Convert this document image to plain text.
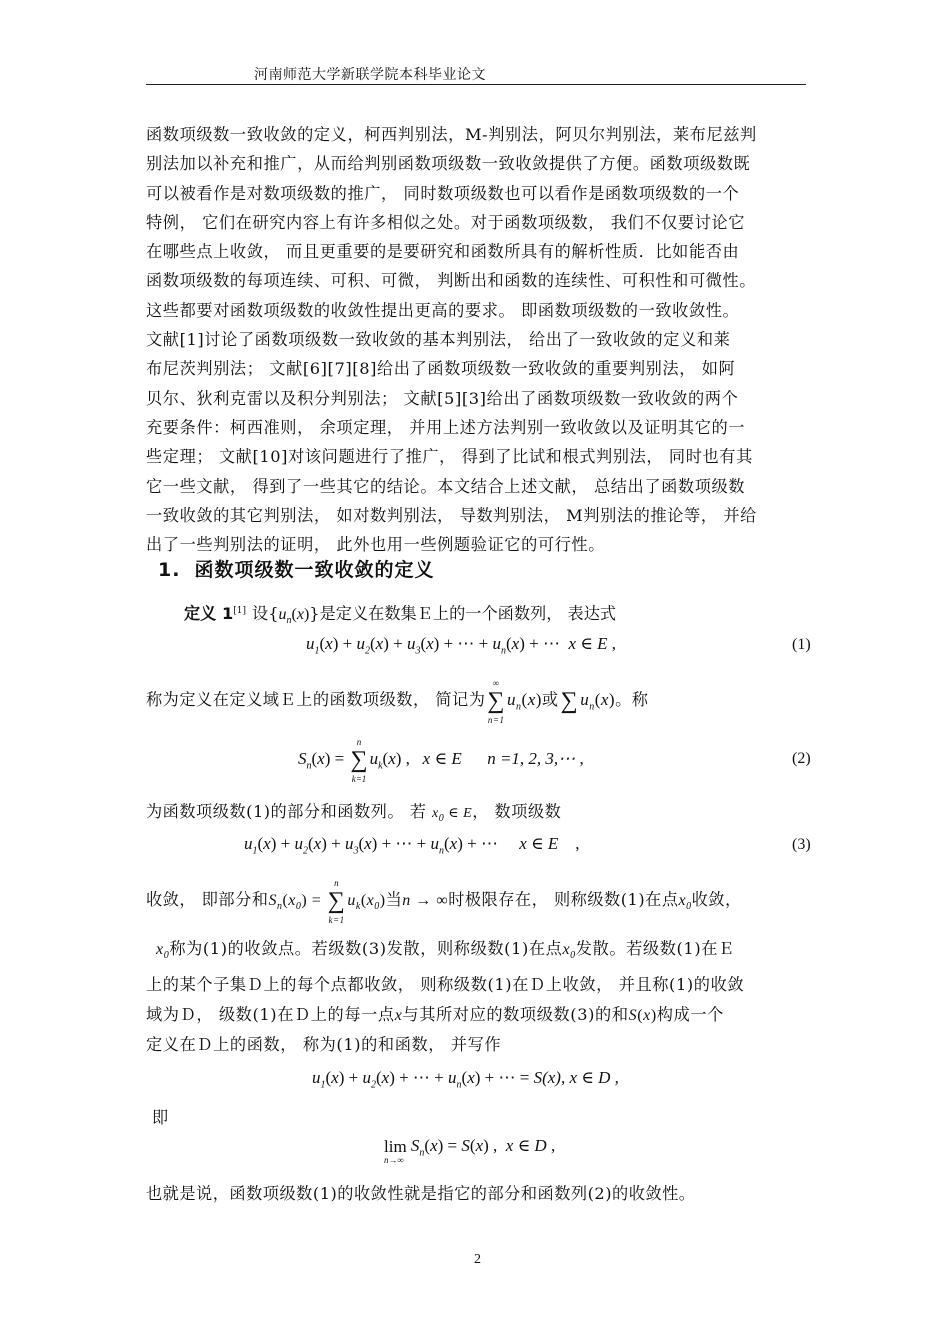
河南师范大学新联学院本科毕业论文

函数项级数一致收敛的定义，柯西判别法，M-判别法，阿贝尔判别法，莱布尼兹判

别法加以补充和推广，从而给判别函数项级数一致收敛提供了方便。函数项级数既

可以被看作是对数项级数的推广， 同时数项级数也可以看作是函数项级数的一个

特例， 它们在研究内容上有许多相似之处。对于函数项级数， 我们不仅要讨论它

在哪些点上收敛， 而且更重要的是要研究和函数所具有的解析性质．比如能否由

函数项级数的每项连续、可积、可微， 判断出和函数的连续性、可积性和可微性。

这些都要对函数项级数的收敛性提出更高的要求。 即函数项级数的一致收敛性。

文献[1]讨论了函数项级数一致收敛的基本判别法， 给出了一致收敛的定义和莱

布尼茨判别法； 文献[6][7][8]给出了函数项级数一致收敛的重要判别法， 如阿

贝尔、狄利克雷以及积分判别法； 文献[5][3]给出了函数项级数一致收敛的两个

充要条件：柯西准则， 余项定理， 并用上述方法判别一致收敛以及证明其它的一

些定理； 文献[10]对该问题进行了推广， 得到了比试和根式判别法， 同时也有其

它一些文献， 得到了一些其它的结论。本文结合上述文献， 总结出了函数项级数

一致收敛的其它判别法， 如对数判别法， 导数判别法， M判别法的推论等， 并给

出了一些判别法的证明， 此外也用一些例题验证它的可行性。

1. 函数项级数一致收敛的定义
定义 1[1] 设$\{u_n(x)\}$是定义在数集Ｅ上的一个函数列， 表达式
$u_1(x) + u_2(x) + u_3(x)$ + ⋯ + $u_n(x)$ + ⋯  x ∈ E ,	(1)
称为定义在定义域Ｅ上的函数项级数， 简记为
∞
∑
n=1
$u_n(x)$或∑ $u_n(x)$。称
$S_n(x)$ =
n
∑
k=1
$u_k(x)$ ,   x ∈ E      n =1, 2, 3,⋯ ,	(2)
为函数项级数(1)的部分和函数列。 若 $x_0$ ∈ E， 数项级数
$u_1(x) + u_2(x) + u_3(x)$ + ⋯ + $u_n(x)$ + ⋯     x ∈ E    ,	(3)
收敛， 即部分和$S_n(x_0)$ =
n
∑
k=1
$u_k(x_0)$当n → ∞时极限存在， 则称级数(1)在点$x_0$收敛，

$x_0$称为(1)的收敛点。若级数(3)发散，则称级数(1)在点$x_0$发散。若级数(1)在Ｅ

上的某个子集Ｄ上的每个点都收敛， 则称级数(1)在Ｄ上收敛， 并且称(1)的收敛

域为Ｄ， 级数(1)在Ｄ上的每一点x与其所对应的数项级数(3)的和S(x)构成一个

定义在Ｄ上的函数， 称为(1)的和函数， 并写作

$u_1(x) + u_2(x)$ + ⋯ + $u_n(x)$ + ⋯ = S(x), x ∈ D ,
即
lim
n→∞
$S_n(x) = S(x)$ ,  x ∈ D ,
也就是说，函数项级数(1)的收敛性就是指它的部分和函数列(2)的收敛性。
2
